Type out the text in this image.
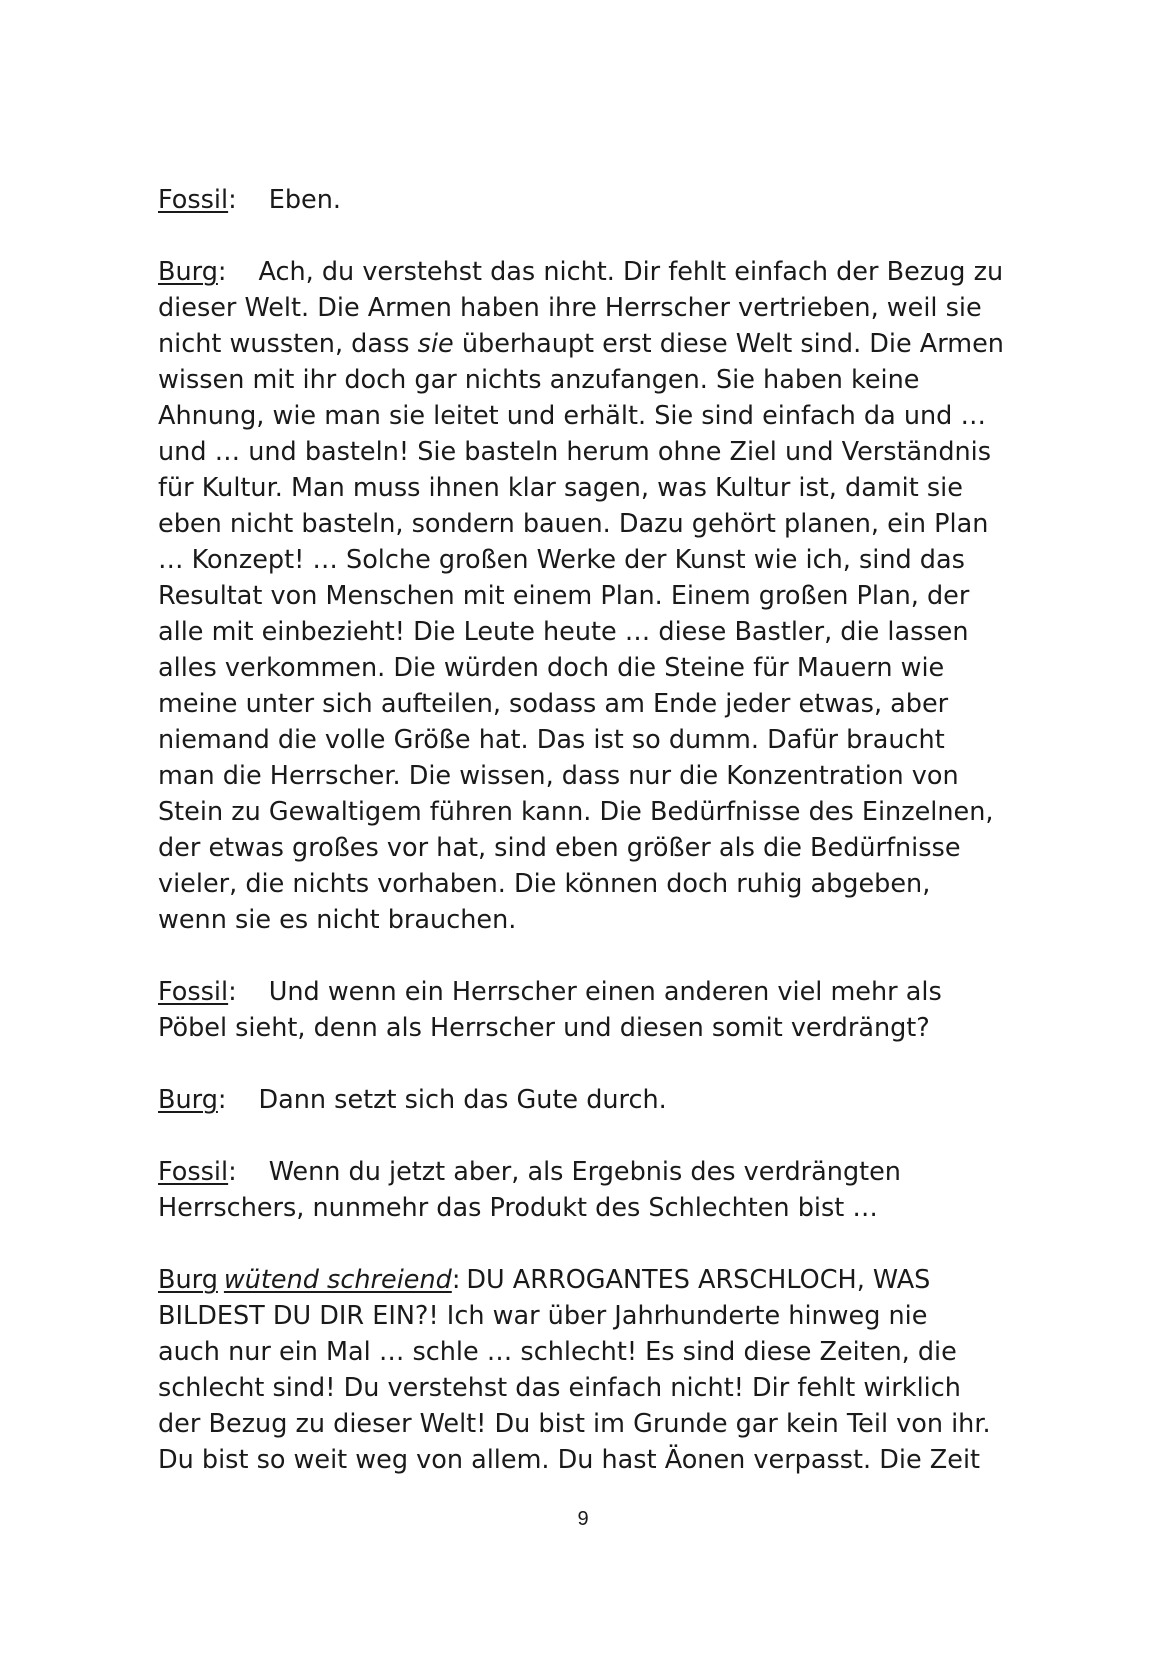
Fossil: Eben.

Burg: Ach, du verstehst das nicht. Dir fehlt einfach der Bezug zu
dieser Welt. Die Armen haben ihre Herrscher vertrieben, weil sie
nicht wussten, dass sie überhaupt erst diese Welt sind. Die Armen
wissen mit ihr doch gar nichts anzufangen. Sie haben keine
Ahnung, wie man sie leitet und erhält. Sie sind einfach da und …
und … und basteln! Sie basteln herum ohne Ziel und Verständnis
für Kultur. Man muss ihnen klar sagen, was Kultur ist, damit sie
eben nicht basteln, sondern bauen. Dazu gehört planen, ein Plan
… Konzept! … Solche großen Werke der Kunst wie ich, sind das
Resultat von Menschen mit einem Plan. Einem großen Plan, der
alle mit einbezieht! Die Leute heute … diese Bastler, die lassen
alles verkommen. Die würden doch die Steine für Mauern wie
meine unter sich aufteilen, sodass am Ende jeder etwas, aber
niemand die volle Größe hat. Das ist so dumm. Dafür braucht
man die Herrscher. Die wissen, dass nur die Konzentration von
Stein zu Gewaltigem führen kann. Die Bedürfnisse des Einzelnen,
der etwas großes vor hat, sind eben größer als die Bedürfnisse
vieler, die nichts vorhaben. Die können doch ruhig abgeben,
wenn sie es nicht brauchen.

Fossil: Und wenn ein Herrscher einen anderen viel mehr als
Pöbel sieht, denn als Herrscher und diesen somit verdrängt?

Burg: Dann setzt sich das Gute durch.

Fossil: Wenn du jetzt aber, als Ergebnis des verdrängten
Herrschers, nunmehr das Produkt des Schlechten bist …

Burg wütend schreiend: DU ARROGANTES ARSCHLOCH, WAS
BILDEST DU DIR EIN?! Ich war über Jahrhunderte hinweg nie
auch nur ein Mal … schle … schlecht! Es sind diese Zeiten, die
schlecht sind! Du verstehst das einfach nicht! Dir fehlt wirklich
der Bezug zu dieser Welt! Du bist im Grunde gar kein Teil von ihr.
Du bist so weit weg von allem. Du hast Äonen verpasst. Die Zeit

9
